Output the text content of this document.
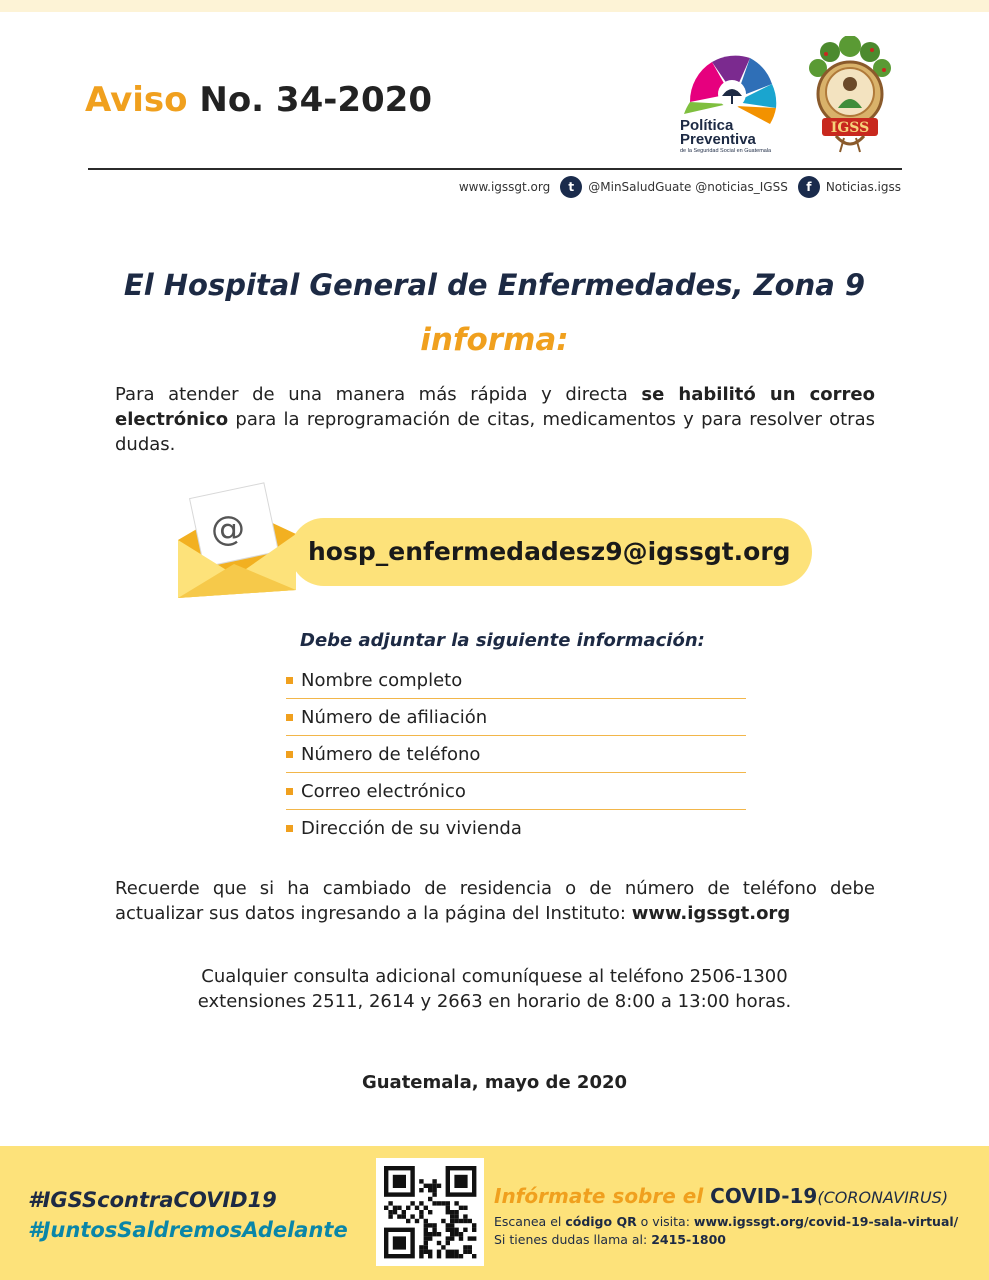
Aviso No. 34-2020
Política
Preventiva
de la Seguridad Social en Guatemala
IGSS
www.igssgt.org	t	@MinSaludGuate @noticias_IGSS	f	Noticias.igss
El Hospital General de Enfermedades, Zona 9
informa:
Para atender de una manera más rápida y directa se habilitó un correo electrónico para la reprogramación de citas, medicamentos y para resolver otras dudas.
@
hosp_enfermedadesz9@igssgt.org
Debe adjuntar la siguiente información:
Nombre completo
Número de afiliación
Número de teléfono
Correo electrónico
Dirección de su vivienda
Recuerde que si ha cambiado de residencia o de número de teléfono debe actualizar sus datos ingresando a la página del Instituto: www.igssgt.org
Cualquier consulta adicional comuníquese al teléfono 2506-1300
extensiones 2511, 2614 y 2663 en horario de 8:00 a 13:00 horas.
Guatemala, mayo de 2020
#IGSScontraCOVID19
#JuntosSaldremosAdelante
Infórmate sobre el COVID-19(CORONAVIRUS)
Escanea el código QR o visita: www.igssgt.org/covid-19-sala-virtual/
Si tienes dudas llama al: 2415-1800
